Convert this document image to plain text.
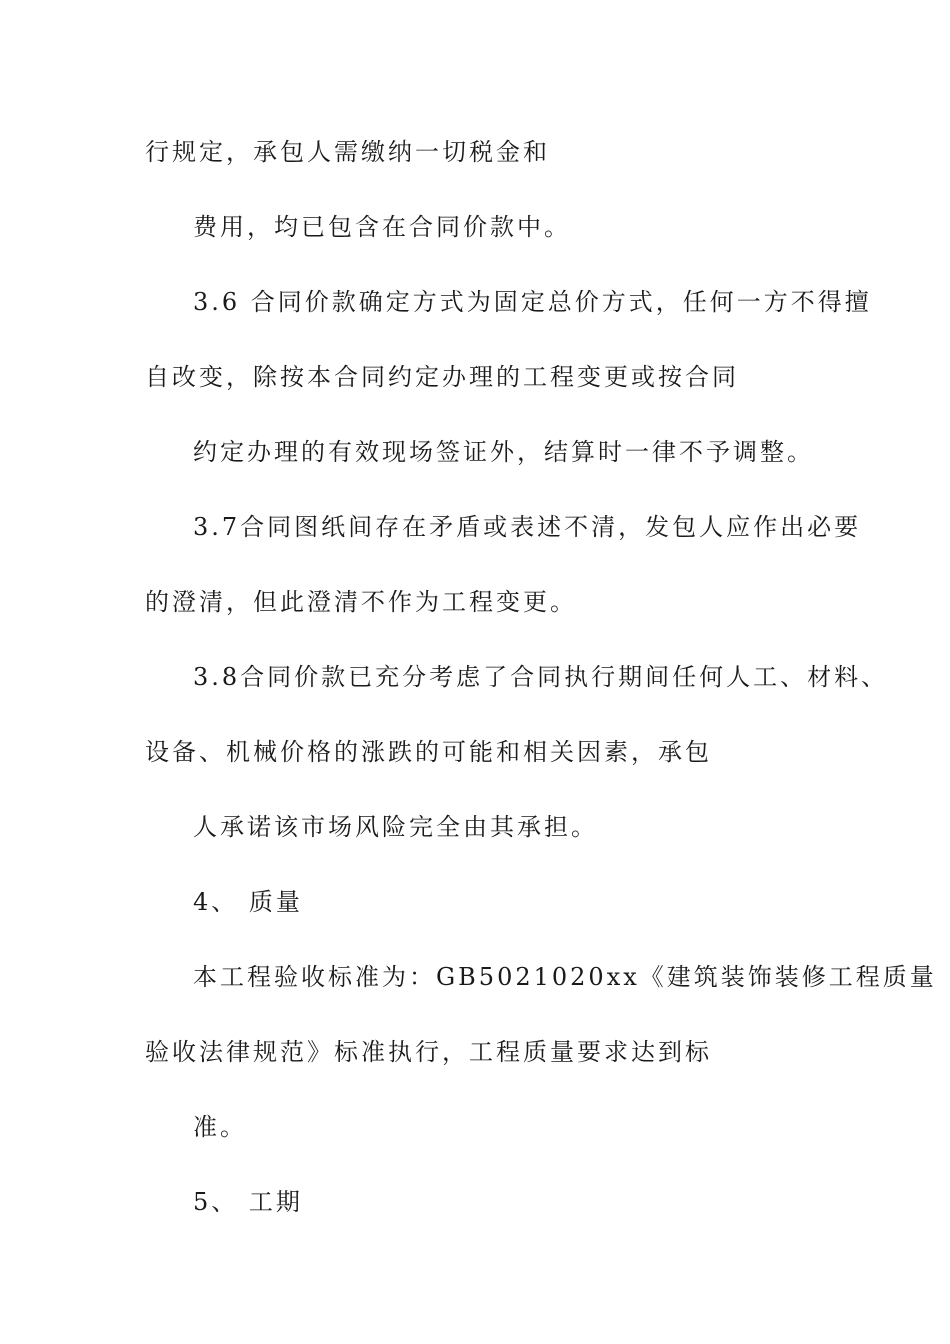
行规定，承包人需缴纳一切税金和
费用，均已包含在合同价款中。
3.6 合同价款确定方式为固定总价方式，任何一方不得擅
自改变，除按本合同约定办理的工程变更或按合同
约定办理的有效现场签证外，结算时一律不予调整。
3.7合同图纸间存在矛盾或表述不清，发包人应作出必要
的澄清，但此澄清不作为工程变更。
3.8合同价款已充分考虑了合同执行期间任何人工、材料、
设备、机械价格的涨跌的可能和相关因素，承包
人承诺该市场风险完全由其承担。
4、 质量
本工程验收标准为：GB5021020xx《建筑装饰装修工程质量
验收法律规范》标准执行，工程质量要求达到标
准。
5、 工期
